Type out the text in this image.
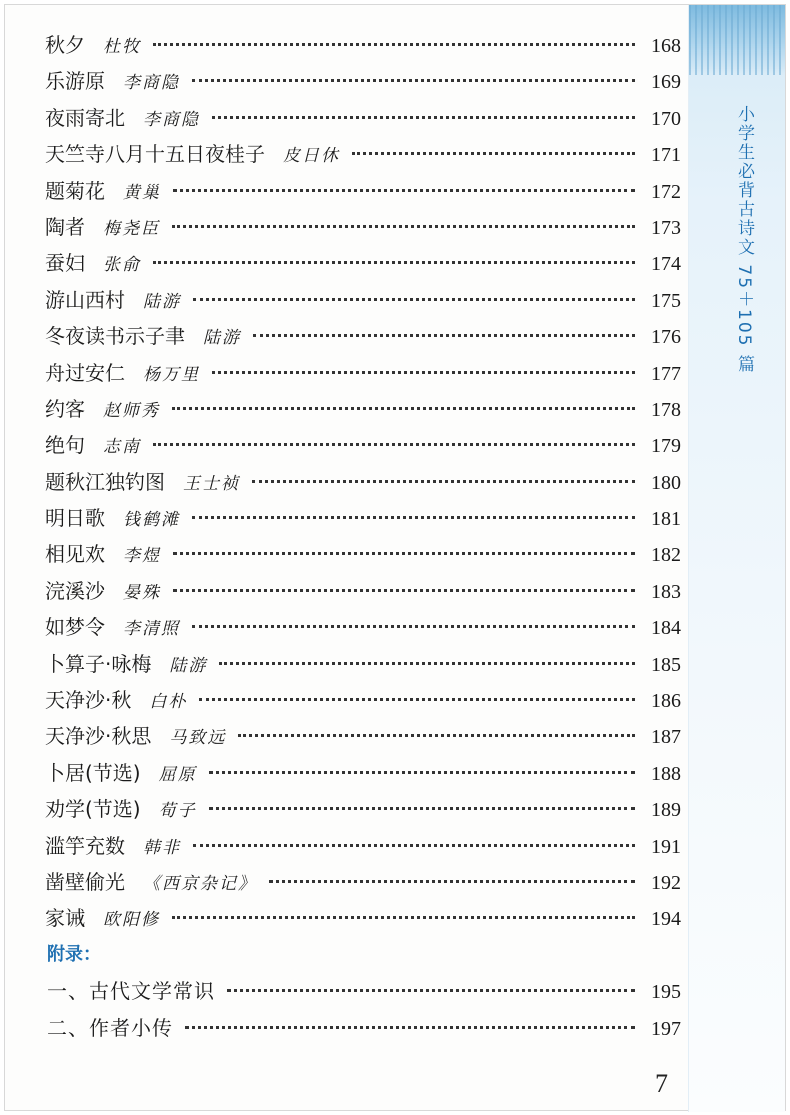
小学生必背古诗文 75＋105 篇
秋夕 杜牧	168
乐游原 李商隐	169
夜雨寄北 李商隐	170
天竺寺八月十五日夜桂子 皮日休	171
题菊花 黄巢	172
陶者 梅尧臣	173
蚕妇 张俞	174
游山西村 陆游	175
冬夜读书示子聿 陆游	176
舟过安仁 杨万里	177
约客 赵师秀	178
绝句 志南	179
题秋江独钓图 王士祯	180
明日歌 钱鹤滩	181
相见欢 李煜	182
浣溪沙 晏殊	183
如梦令 李清照	184
卜算子·咏梅 陆游	185
天净沙·秋 白朴	186
天净沙·秋思 马致远	187
卜居(节选) 屈原	188
劝学(节选) 荀子	189
滥竽充数 韩非	191
凿壁偷光 《西京杂记》	192
家诫 欧阳修	194
附录：
一、古代文学常识	195
二、作者小传	197
7
